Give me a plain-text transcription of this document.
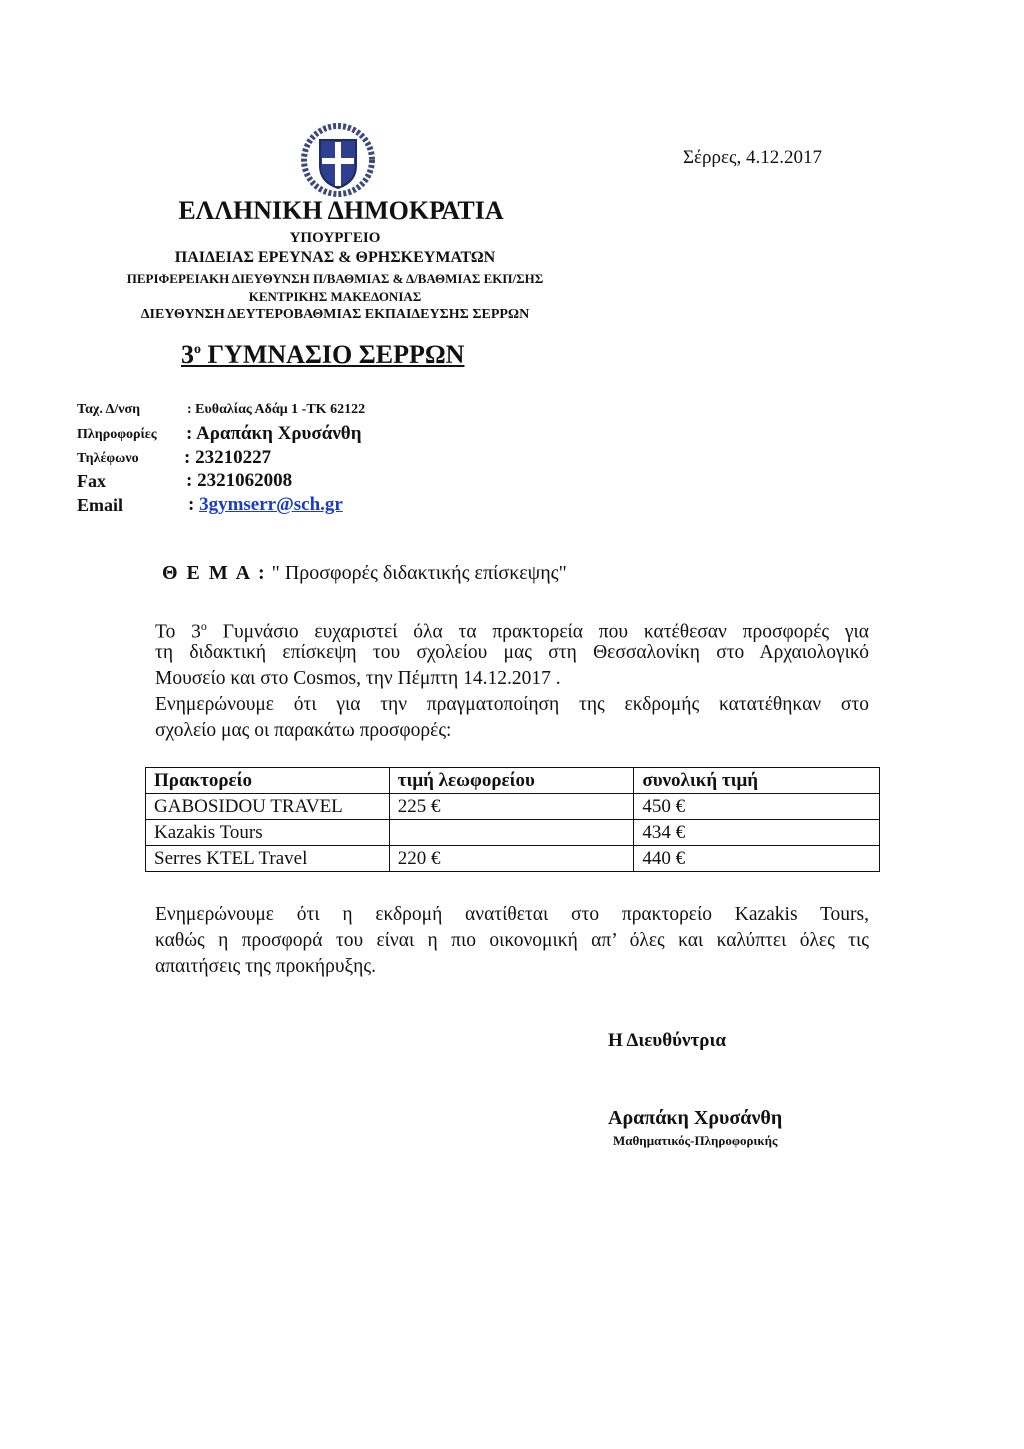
Σέρρες, 4.12.2017
ΕΛΛΗΝΙΚΗ ΔΗΜΟΚΡΑΤΙΑ
ΥΠΟΥΡΓΕΙΟ
ΠΑΙΔΕΙΑΣ ΕΡΕΥΝΑΣ & ΘΡΗΣΚΕΥΜΑΤΩΝ
ΠΕΡΙΦΕΡΕΙΑΚΗ ΔΙΕΥΘΥΝΣΗ Π/ΒΑΘΜΙΑΣ & Δ/ΒΑΘΜΙΑΣ ΕΚΠ/ΣΗΣ
ΚΕΝΤΡΙΚΗΣ ΜΑΚΕΔΟΝΙΑΣ
ΔΙΕΥΘΥΝΣΗ ΔΕΥΤΕΡΟΒΑΘΜΙΑΣ ΕΚΠΑΙΔΕΥΣΗΣ ΣΕΡΡΩΝ
$3^o$ ΓΥΜΝΑΣΙΟ ΣΕΡΡΩΝ
Ταχ. Δ/νση	: Ευθαλίας Αδάμ 1 -ΤΚ 62122
Πληροφορίες : Αραπάκη Χρυσάνθη
Τηλέφωνο : 23210227
Fax	: 2321062008
Email	: 3gymserr@sch.gr
Θ Ε Μ Α : " Προσφορές διδακτικής επίσκεψης"
Το $3^o$ Γυμνάσιο ευχαριστεί όλα τα πρακτορεία που κατέθεσαν προσφορές για
τη διδακτική επίσκεψη του σχολείου μας στη Θεσσαλονίκη στο Αρχαιολογικό
Μουσείο και στο Cosmos, την Πέμπτη 14.12.2017 .
Ενημερώνουμε ότι για την πραγματοποίηση της εκδρομής κατατέθηκαν στο
σχολείο μας οι παρακάτω προσφορές:
Πρακτορείο	τιμή λεωφορείου	συνολική τιμή
GABOSIDOU TRAVEL	225 €	450 €
Kazakis Tours		434 €
Serres KTEL Travel	220 €	440 €
Ενημερώνουμε ότι η εκδρομή ανατίθεται στο πρακτορείο Kazakis Tours,
καθώς η προσφορά του είναι η πιο οικονομική απ’ όλες και καλύπτει όλες τις
απαιτήσεις της προκήρυξης.
Η Διευθύντρια
Αραπάκη Χρυσάνθη
Μαθηματικός-Πληροφορικής
